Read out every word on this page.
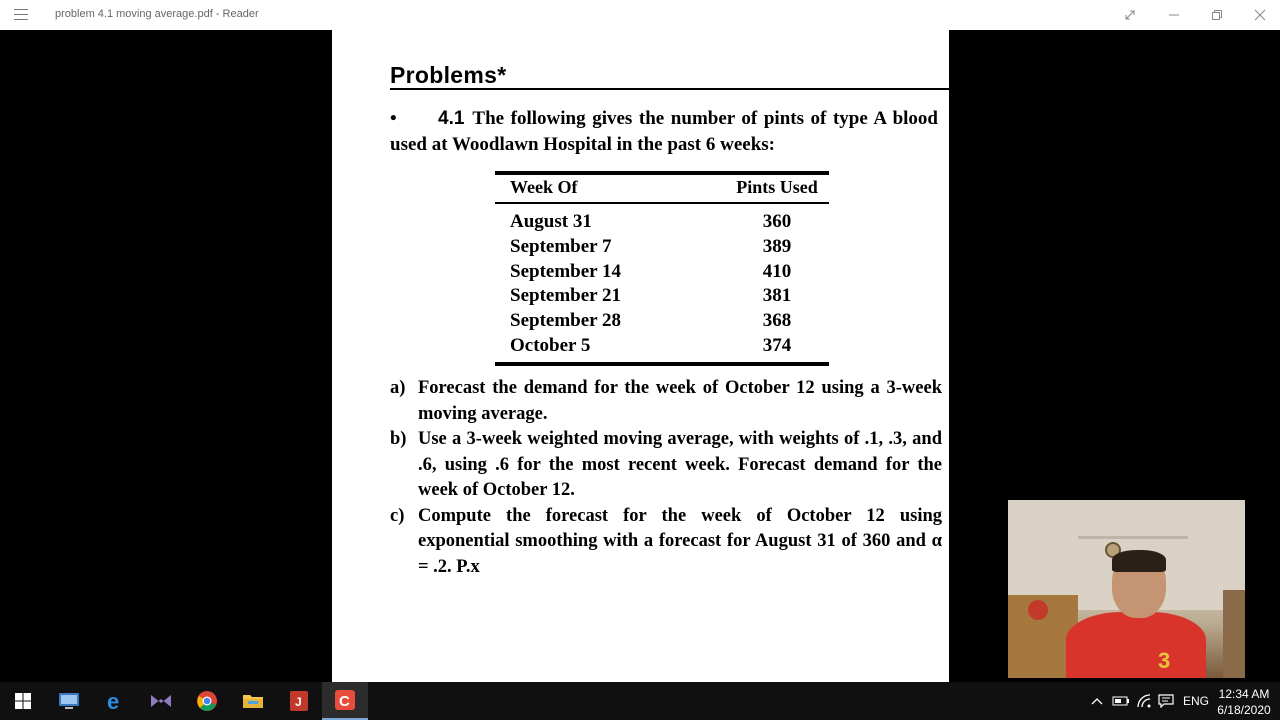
problem 4.1 moving average.pdf - Reader
Problems*
• 4.1 The following gives the number of pints of type A blood used at Woodlawn Hospital in the past 6 weeks:
Week Of	Pints Used
August 31	360
September 7	389
September 14	410
September 21	381
September 28	368
October 5	374
a) Forecast the demand for the week of October 12 using a 3-week moving average.
b) Use a 3-week weighted moving average, with weights of .1, .3, and .6, using .6 for the most recent week. Forecast demand for the week of October 12.
c) Compute the forecast for the week of October 12 using exponential smoothing with a forecast for August 31 of 360 and α = .2. P.x
3
e	J C	ENG 12:34 AM
6/18/2020
